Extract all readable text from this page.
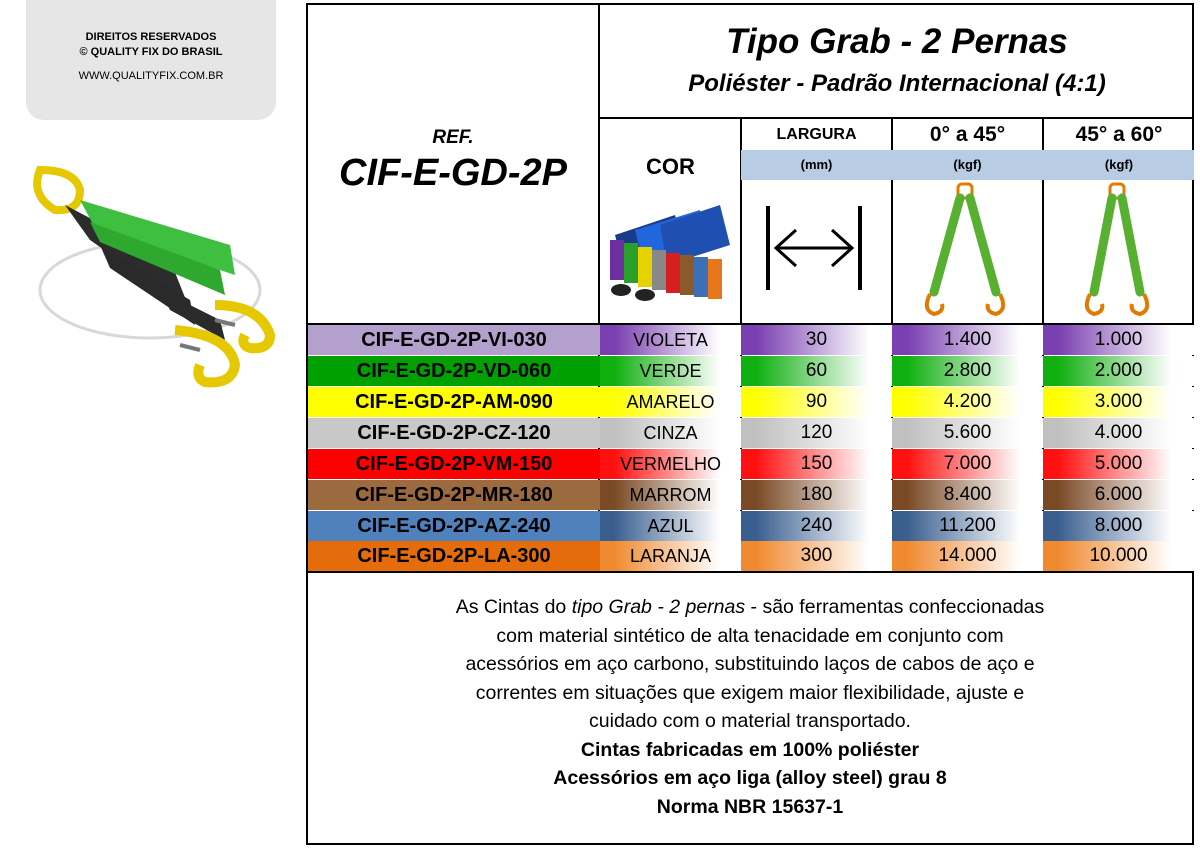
DIREITOS RESERVADOS
© QUALITY FIX DO BRASIL
WWW.QUALITYFIX.COM.BR
Tipo Grab - 2 Pernas
Poliéster - Padrão Internacional (4:1)
REF.
CIF-E-GD-2P
LARGURA	0° a 45°	45° a 60°
(mm)	(kgf)	(kgf)
COR
CIF-E-GD-2P-VI-030	VIOLETA	30	1.400	1.000
CIF-E-GD-2P-VD-060	VERDE	60	2.800	2.000
CIF-E-GD-2P-AM-090	AMARELO	90	4.200	3.000
CIF-E-GD-2P-CZ-120	CINZA	120	5.600	4.000
CIF-E-GD-2P-VM-150	VERMELHO	150	7.000	5.000
CIF-E-GD-2P-MR-180	MARROM	180	8.400	6.000
CIF-E-GD-2P-AZ-240	AZUL	240	11.200	8.000
CIF-E-GD-2P-LA-300	LARANJA	300	14.000	10.000

As Cintas do tipo Grab - 2 pernas - são ferramentas confeccionadas

com material sintético de alta tenacidade em conjunto com

acessórios em aço carbono, substituindo laços de cabos de aço e

correntes em situações que exigem maior flexibilidade, ajuste e

cuidado com o material transportado.

Cintas fabricadas em 100% poliéster

Acessórios em aço liga (alloy steel) grau 8

Norma NBR 15637-1
